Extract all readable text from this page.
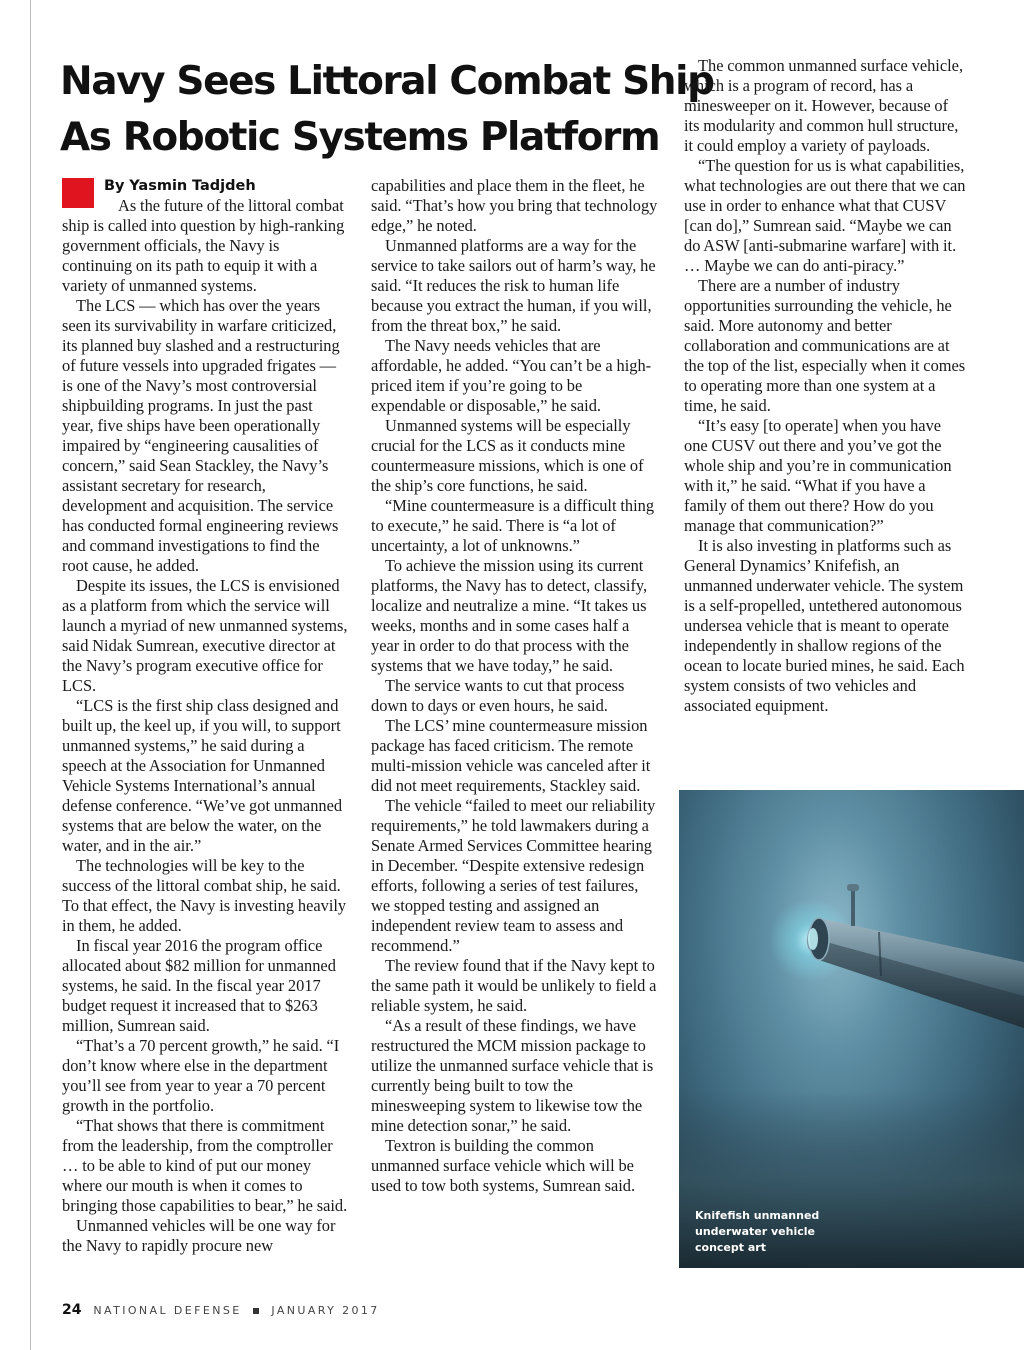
Navy Sees Littoral Combat Ship
As Robotic Systems Platform
By Yasmin Tadjdeh

As the future of the littoral combat ship is called into question by high-ranking government officials, the Navy is continuing on its path to equip it with a variety of unmanned systems.

The LCS — which has over the years seen its survivability in warfare criticized, its planned buy slashed and a restructuring of future vessels into upgraded frigates — is one of the Navy’s most controversial shipbuilding programs. In just the past year, five ships have been operationally impaired by “engineering causalities of concern,” said Sean Stackley, the Navy’s assistant secretary for research, development and acquisition. The service has conducted formal engineering reviews and command investigations to find the root cause, he added.

Despite its issues, the LCS is envisioned as a platform from which the service will launch a myriad of new unmanned systems, said Nidak Sumrean, executive director at the Navy’s program executive office for LCS.

“LCS is the first ship class designed and built up, the keel up, if you will, to support unmanned systems,” he said during a speech at the Association for Unmanned Vehicle Systems International’s annual defense conference. “We’ve got unmanned systems that are below the water, on the water, and in the air.”

The technologies will be key to the success of the littoral combat ship, he said. To that effect, the Navy is investing heavily in them, he added.

In fiscal year 2016 the program office allocated about $82 million for unmanned systems, he said. In the fiscal year 2017 budget request it increased that to $263 million, Sumrean said.

“That’s a 70 percent growth,” he said. “I don’t know where else in the department you’ll see from year to year a 70 percent growth in the portfolio.

“That shows that there is commitment from the leadership, from the comptroller … to be able to kind of put our money where our mouth is when it comes to bringing those capabilities to bear,” he said.

Unmanned vehicles will be one way for the Navy to rapidly procure new

capabilities and place them in the fleet, he said. “That’s how you bring that technology edge,” he noted.

Unmanned platforms are a way for the service to take sailors out of harm’s way, he said. “It reduces the risk to human life because you extract the human, if you will, from the threat box,” he said.

The Navy needs vehicles that are affordable, he added. “You can’t be a high-priced item if you’re going to be expendable or disposable,” he said.

Unmanned systems will be especially crucial for the LCS as it conducts mine countermeasure missions, which is one of the ship’s core functions, he said.

“Mine countermeasure is a difficult thing to execute,” he said. There is “a lot of uncertainty, a lot of unknowns.”

To achieve the mission using its current platforms, the Navy has to detect, classify, localize and neutralize a mine. “It takes us weeks, months and in some cases half a year in order to do that process with the systems that we have today,” he said.

The service wants to cut that process down to days or even hours, he said.

The LCS’ mine countermeasure mission package has faced criticism. The remote multi-mission vehicle was canceled after it did not meet requirements, Stackley said.

The vehicle “failed to meet our reliability requirements,” he told lawmakers during a Senate Armed Services Committee hearing in December. “Despite extensive redesign efforts, following a series of test failures, we stopped testing and assigned an independent review team to assess and recommend.”

The review found that if the Navy kept to the same path it would be unlikely to field a reliable system, he said.

“As a result of these findings, we have restructured the MCM mission package to utilize the unmanned surface vehicle that is currently being built to tow the minesweeping system to likewise tow the mine detection sonar,” he said.

Textron is building the common unmanned surface vehicle which will be used to tow both systems, Sumrean said.

The common unmanned surface vehicle, which is a program of record, has a minesweeper on it. However, because of its modularity and common hull structure, it could employ a variety of payloads.

“The question for us is what capabilities, what technologies are out there that we can use in order to enhance what that CUSV [can do],” Sumrean said. “Maybe we can do ASW [anti-submarine warfare] with it. … Maybe we can do anti-piracy.”

There are a number of industry opportunities surrounding the vehicle, he said. More autonomy and better collaboration and communications are at the top of the list, especially when it comes to operating more than one system at a time, he said.

“It’s easy [to operate] when you have one CUSV out there and you’ve got the whole ship and you’re in communication with it,” he said. “What if you have a family of them out there? How do you manage that communication?”

It is also investing in platforms such as General Dynamics’ Knifefish, an unmanned underwater vehicle. The system is a self-propelled, untethered autonomous undersea vehicle that is meant to operate independently in shallow regions of the ocean to locate buried mines, he said. Each system consists of two vehicles and associated equipment.

Knifefish unmanned
underwater vehicle
concept art
24 NATIONAL DEFENSE	JANUARY 2017
